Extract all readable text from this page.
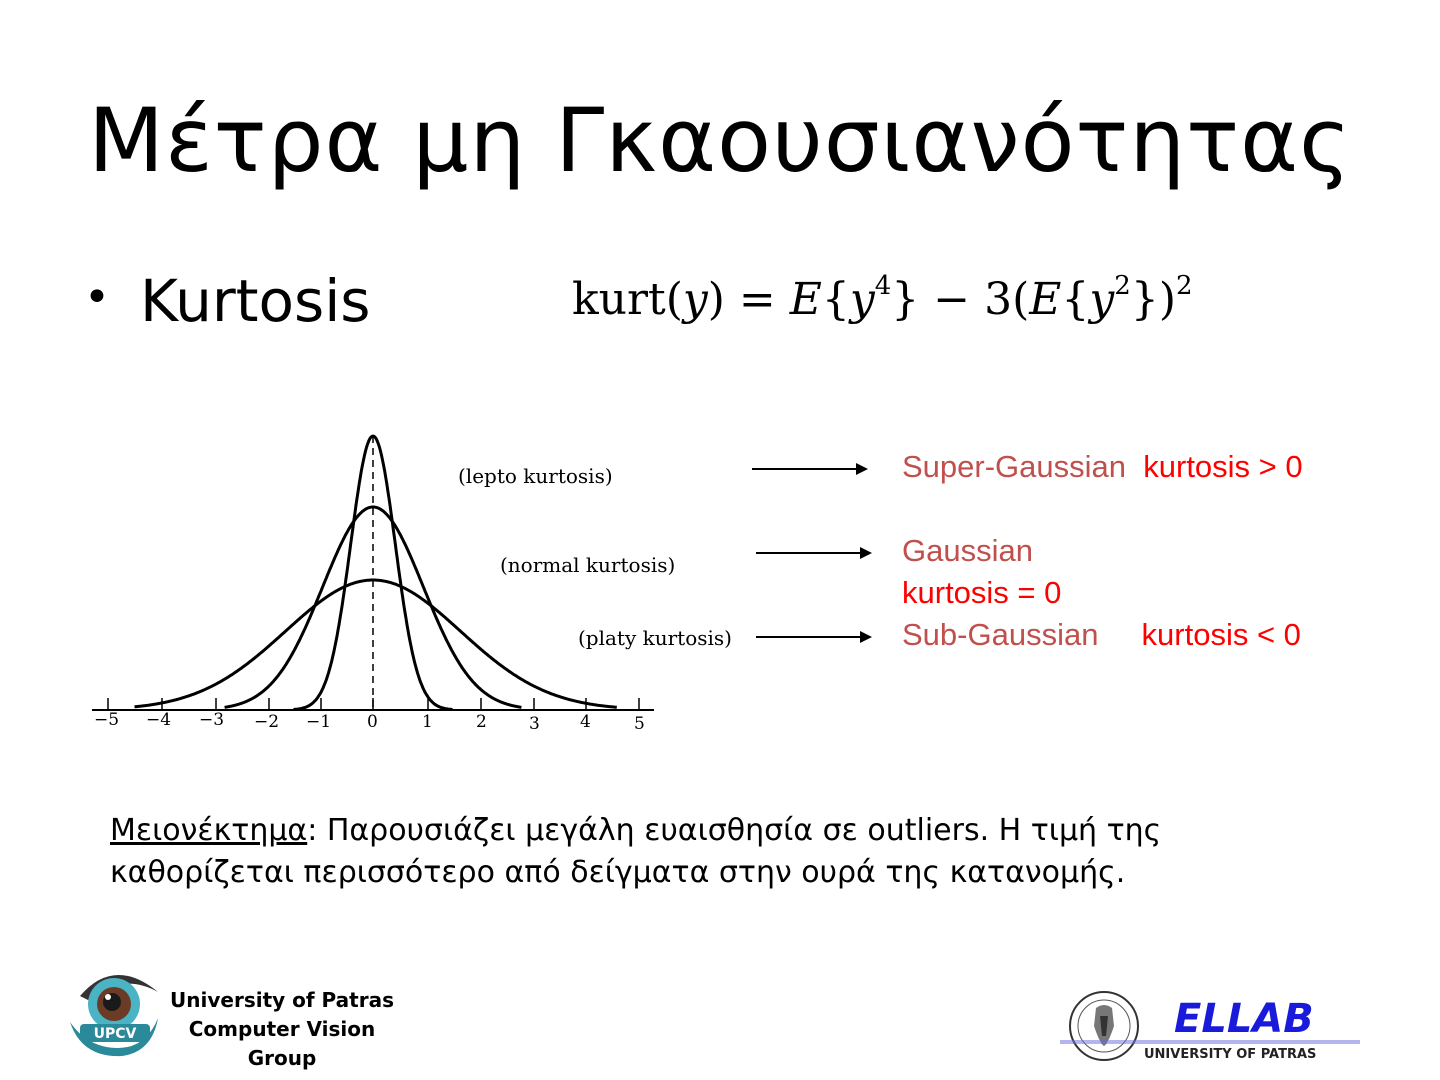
Μέτρα μη Γκαουσιανότητας
• Kurtosis	kurt(y) = $E\{y^4\} - 3(E\{y^2\})^2$
−5 −4 −3 −2 −1 0	1	2 3 4	5
(lepto kurtosis)
(normal kurtosis)
(platy kurtosis)
Super-Gaussian kurtosis > 0
Gaussian kurtosis = 0
Sub-Gaussian kurtosis < 0
Μειονέκτημα: Παρουσιάζει μεγάλη ευαισθησία σε outliers. Η τιμή της καθορίζεται περισσότερο από δείγματα στην ουρά της κατανομής.
UPCV
University of Patras
Computer Vision
Group
ELLAB
UNIVERSITY OF PATRAS
